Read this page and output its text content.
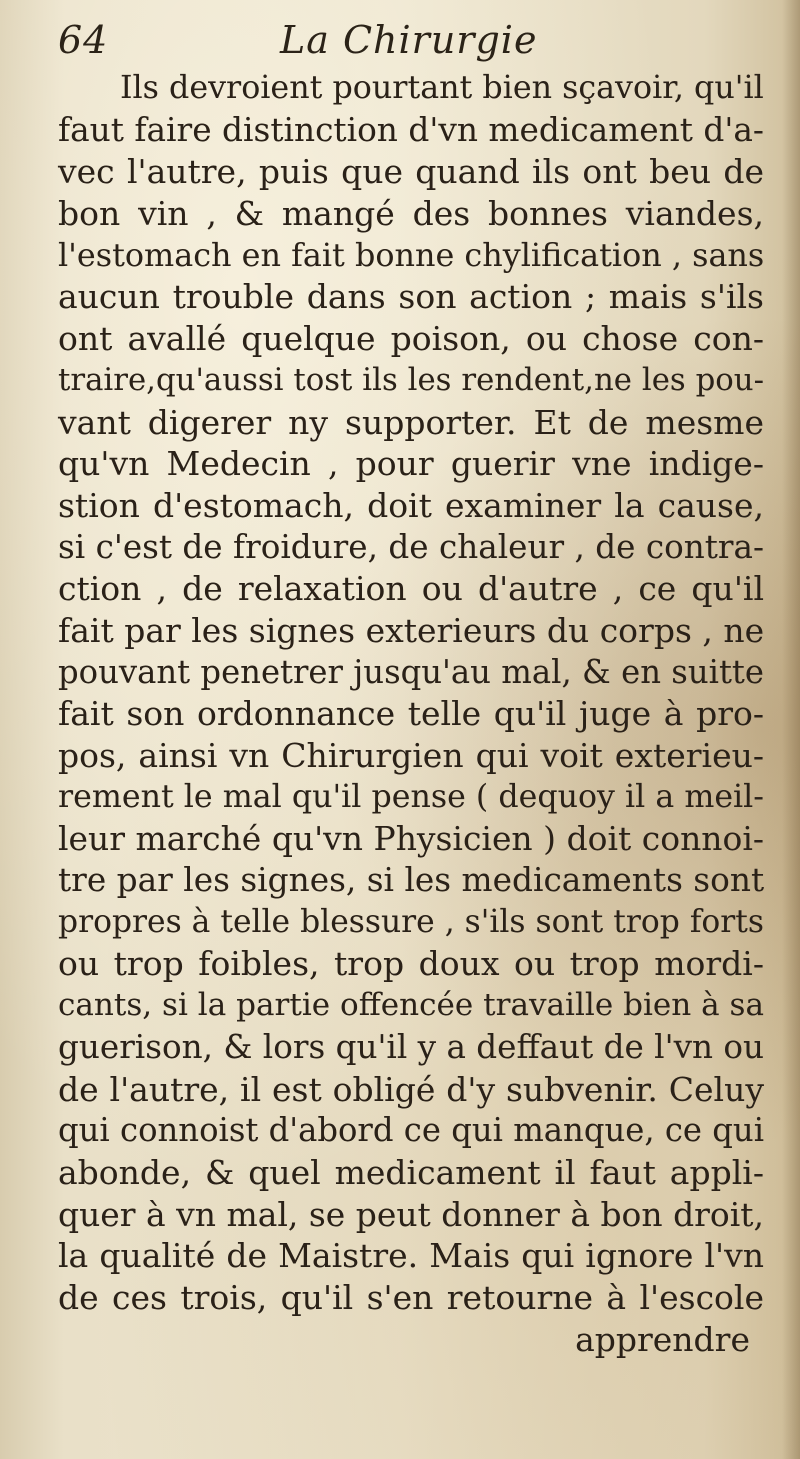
64	La Chirurgie
Ils devroient pourtant bien sçavoir, qu'il
faut faire distinction d'vn medicament d'a-
vec l'autre, puis que quand ils ont beu de
bon vin , & mangé des bonnes viandes,
l'estomach en fait bonne chylification , sans
aucun trouble dans son action ; mais s'ils
ont avallé quelque poison, ou chose con-
traire,qu'aussi tost ils les rendent,ne les pou-
vant digerer ny supporter. Et de mesme
qu'vn Medecin , pour guerir vne indige-
stion d'estomach, doit examiner la cause,
si c'est de froidure, de chaleur , de contra-
ction , de relaxation ou d'autre , ce qu'il
fait par les signes exterieurs du corps , ne
pouvant penetrer jusqu'au mal, & en suitte
fait son ordonnance telle qu'il juge à pro-
pos, ainsi vn Chirurgien qui voit exterieu-
rement le mal qu'il pense ( dequoy il a meil-
leur marché qu'vn Physicien ) doit connoi-
tre par les signes, si les medicaments sont
propres à telle blessure , s'ils sont trop forts
ou trop foibles, trop doux ou trop mordi-
cants, si la partie offencée travaille bien à sa
guerison, & lors qu'il y a deffaut de l'vn ou
de l'autre, il est obligé d'y subvenir. Celuy
qui connoist d'abord ce qui manque, ce qui
abonde, & quel medicament il faut appli-
quer à vn mal, se peut donner à bon droit,
la qualité de Maistre. Mais qui ignore l'vn
de ces trois, qu'il s'en retourne à l'escole
apprendre
